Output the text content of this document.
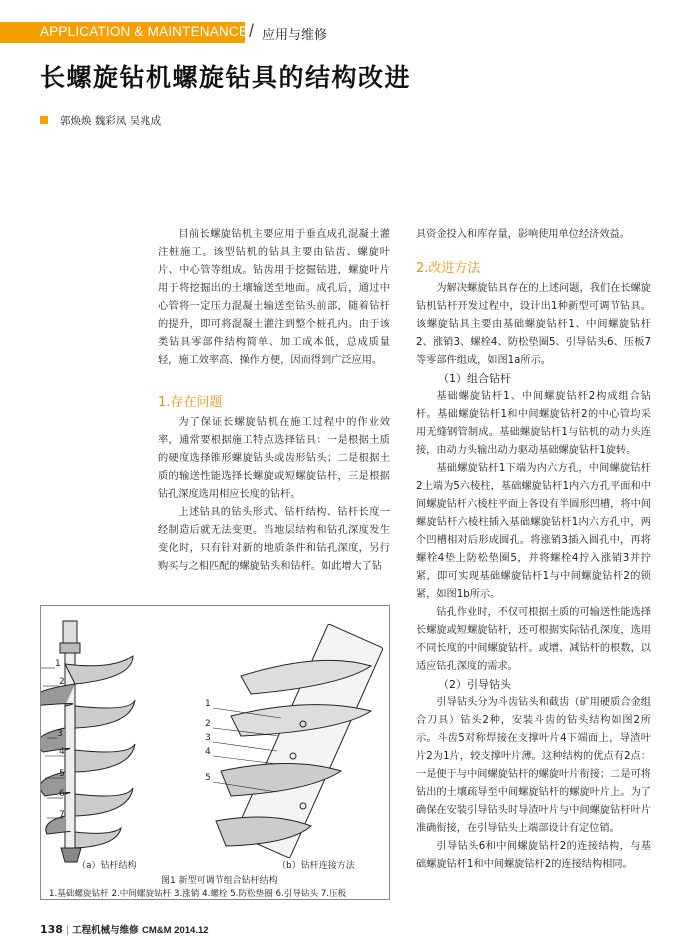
APPLICATION & MAINTENANCE / 应用与维修
长螺旋钻机螺旋钻具的结构改进
郭焕焕 魏彩凤 吴兆成

目前长螺旋钻机主要应用于垂直成孔混凝土灌注桩施工。该型钻机的钻具主要由钻齿、螺旋叶片、中心管等组成。钻齿用于挖掘钻进，螺旋叶片用于将挖掘出的土壤输送至地面。成孔后，通过中心管将一定压力混凝土输送至钻头前部，随着钻杆的提升，即可将混凝土灌注到整个桩孔内。由于该类钻具零部件结构简单、加工成本低，总成质量轻，施工效率高、操作方便，因而得到广泛应用。

1.存在问题

为了保证长螺旋钻机在施工过程中的作业效率，通常要根据施工特点选择钻具：一是根据土质的硬度选择锥形螺旋钻头或齿形钻头；二是根据土质的输送性能选择长螺旋或短螺旋钻杆，三是根据钻孔深度选用相应长度的钻杆。

上述钻具的钻头形式、钻杆结构、钻杆长度一经制造后就无法变更。当地层结构和钻孔深度发生变化时，只有针对新的地质条件和钻孔深度，另行购买与之相匹配的螺旋钻头和钻杆。如此增大了钻

具资金投入和库存量，影响使用单位经济效益。

2.改进方法

为解决螺旋钻具存在的上述问题，我们在长螺旋钻机钻杆开发过程中，设计出1种新型可调节钻具。该螺旋钻具主要由基础螺旋钻杆1、中间螺旋钻杆2、涨销3、螺栓4、防松垫圈5、引导钻头6、压板7等零部件组成，如图1a所示。

（1）组合钻杆

基础螺旋钻杆1、中间螺旋钻杆2构成组合钻杆。基础螺旋钻杆1和中间螺旋钻杆2的中心管均采用无缝钢管制成。基础螺旋钻杆1与钻机的动力头连接，由动力头输出动力驱动基础螺旋钻杆1旋转。

基础螺旋钻杆1下端为内六方孔，中间螺旋钻杆2上端为5六棱柱，基础螺旋钻杆1内六方孔平面和中间螺旋钻杆六棱柱平面上各设有半圆形凹槽，将中间螺旋钻杆六棱柱插入基础螺旋钻杆1内六方孔中，两个凹槽相对后形成圆孔。将涨销3插入圆孔中，再将螺栓4垫上防松垫圈5，并将螺栓4拧入涨销3并拧紧，即可实现基础螺旋钻杆1与中间螺旋钻杆2的锁紧，如图1b所示。

钻孔作业时，不仅可根据土质的可输送性能选择长螺旋或短螺旋钻杆，还可根据实际钻孔深度，选用不同长度的中间螺旋钻杆。或增、减钻杆的根数，以适应钻孔深度的需求。

（2）引导钻头

引导钻头分为斗齿钻头和截齿（矿用硬质合金组合刀具）钻头2种，安装斗齿的钻头结构如图2所示。斗齿5对称焊接在支撑叶片4下端面上，导渣叶片2为1片，较支撑叶片薄。这种结构的优点有2点：一是便于与中间螺旋钻杆的螺旋叶片衔接；二是可将钻出的土壤疏导至中间螺旋钻杆的螺旋叶片上。为了确保在安装引导钻头时导渣叶片与中间螺旋钻杆叶片准确衔接，在引导钻头上端部设计有定位销。

引导钻头6和中间螺旋钻杆2的连接结构，与基础螺旋钻杆1和中间螺旋钻杆2的连接结构相同。

1
2
3
4
5
6
7
1
2
3
4
5
（a）钻杆结构	（b）钻杆连接方法
图1 新型可调节组合钻杆结构
1.基础螺旋钻杆 2.中间螺旋钻杆 3.涨销 4.螺栓 5.防松垫圈 6.引导钻头 7.压板
138 | 工程机械与维修 CM&M 2014.12
